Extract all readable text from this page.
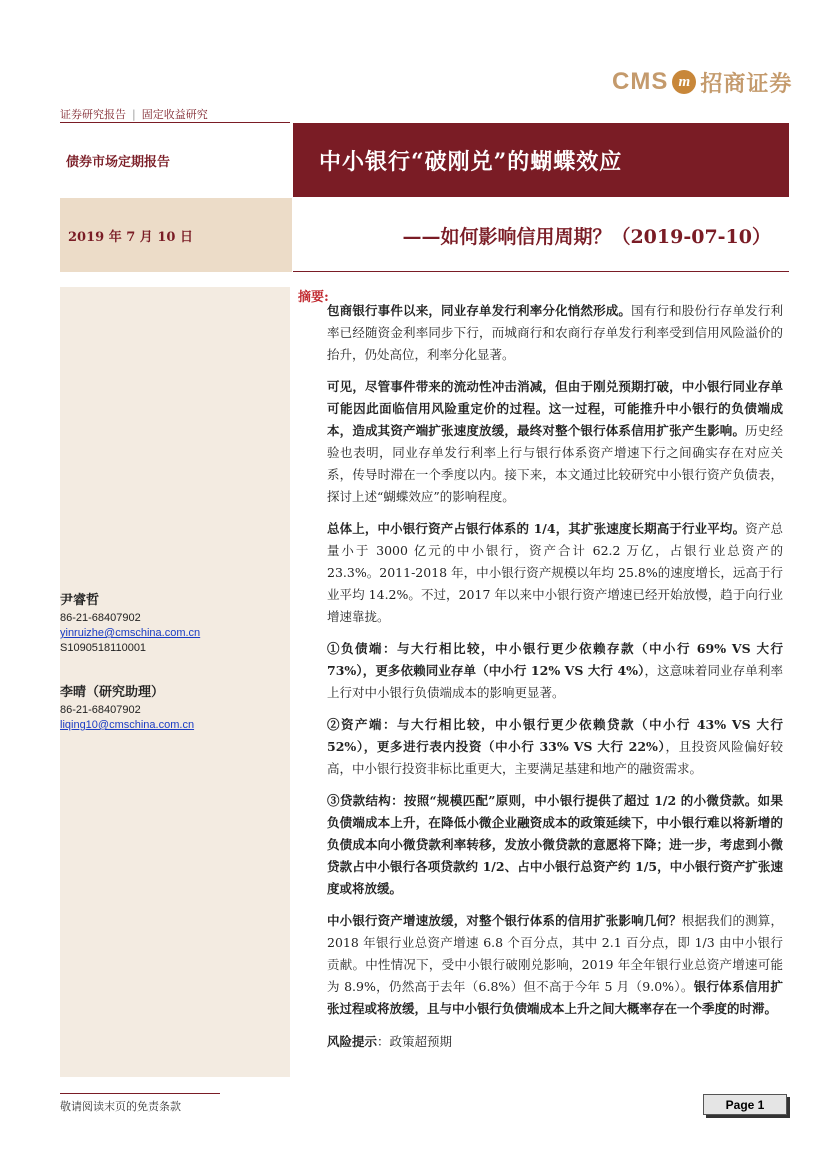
CMS m 招商证券
证券研究报告 | 固定收益研究
债券市场定期报告	中小银行“破刚兑”的蝴蝶效应
2019 年 7 月 10 日	——如何影响信用周期？（2019-07-10）
尹睿哲
86-21-68407902
yinruizhe@cmschina.com.cn
S1090518110001
李晴（研究助理）
86-21-68407902
liqing10@cmschina.com.cn
摘要:

包商银行事件以来，同业存单发行利率分化悄然形成。国有行和股份行存单发行利率已经随资金利率同步下行，而城商行和农商行存单发行利率受到信用风险溢价的抬升，仍处高位，利率分化显著。

可见，尽管事件带来的流动性冲击消减，但由于刚兑预期打破，中小银行同业存单可能因此面临信用风险重定价的过程。这一过程，可能推升中小银行的负债端成本，造成其资产端扩张速度放缓，最终对整个银行体系信用扩张产生影响。历史经验也表明，同业存单发行利率上行与银行体系资产增速下行之间确实存在对应关系，传导时滞在一个季度以内。接下来，本文通过比较研究中小银行资产负债表，探讨上述“蝴蝶效应”的影响程度。

总体上，中小银行资产占银行体系的 1/4，其扩张速度长期高于行业平均。资产总量小于 3000 亿元的中小银行，资产合计 62.2 万亿，占银行业总资产的 23.3%。2011-2018 年，中小银行资产规模以年均 25.8%的速度增长，远高于行业平均 14.2%。不过，2017 年以来中小银行资产增速已经开始放慢，趋于向行业增速靠拢。

①负债端：与大行相比较，中小银行更少依赖存款（中小行 69% VS 大行 73%），更多依赖同业存单（中小行 12% VS 大行 4%），这意味着同业存单利率上行对中小银行负债端成本的影响更显著。

②资产端：与大行相比较，中小银行更少依赖贷款（中小行 43% VS 大行 52%），更多进行表内投资（中小行 33% VS 大行 22%），且投资风险偏好较高，中小银行投资非标比重更大，主要满足基建和地产的融资需求。

③贷款结构：按照“规模匹配”原则，中小银行提供了超过 1/2 的小微贷款。如果负债端成本上升，在降低小微企业融资成本的政策延续下，中小银行难以将新增的负债成本向小微贷款利率转移，发放小微贷款的意愿将下降；进一步，考虑到小微贷款占中小银行各项贷款约 1/2、占中小银行总资产约 1/5，中小银行资产扩张速度或将放缓。

中小银行资产增速放缓，对整个银行体系的信用扩张影响几何？根据我们的测算，2018 年银行业总资产增速 6.8 个百分点，其中 2.1 百分点，即 1/3 由中小银行贡献。中性情况下，受中小银行破刚兑影响，2019 年全年银行业总资产增速可能为 8.9%，仍然高于去年（6.8%）但不高于今年 5 月（9.0%）。银行体系信用扩张过程或将放缓，且与中小银行负债端成本上升之间大概率存在一个季度的时滞。

风险提示：政策超预期
敬请阅读末页的免责条款	Page 1
